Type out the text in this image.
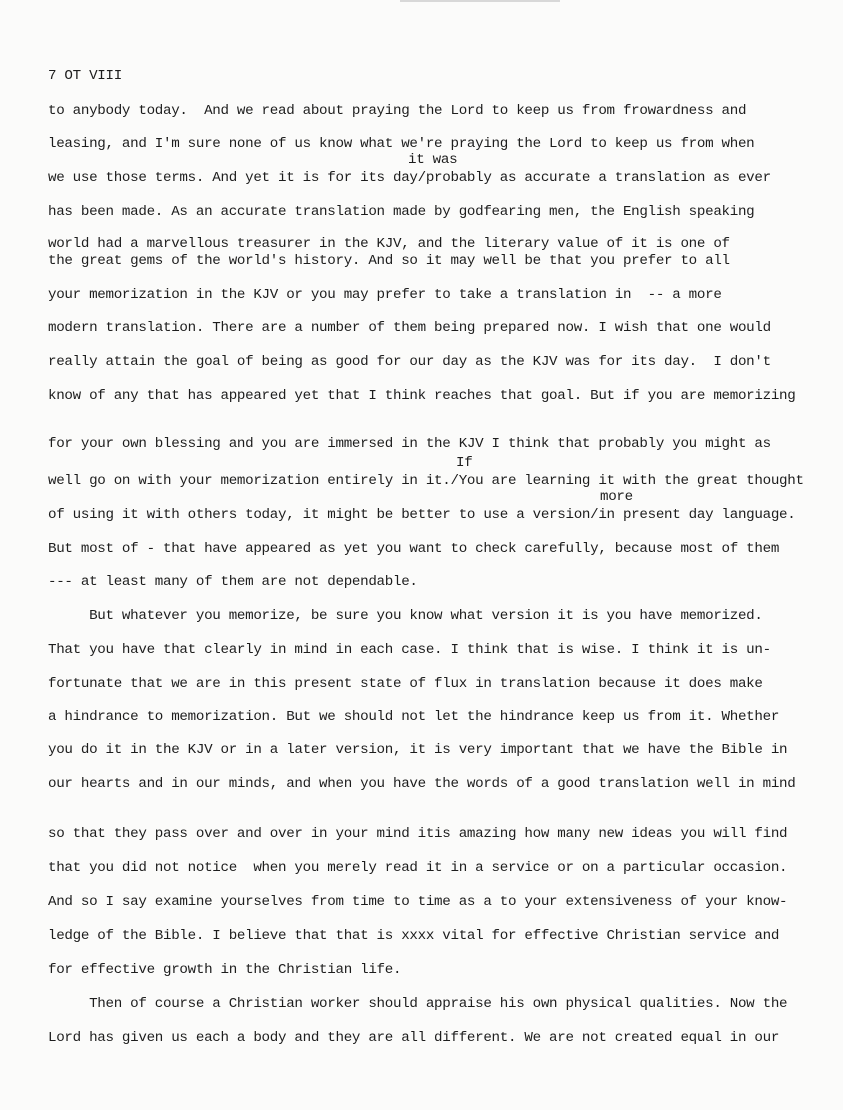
7 OT VIII
to anybody today.  And we read about praying the Lord to keep us from frowardness and
leasing, and I'm sure none of us know what we're praying the Lord to keep us from when
it was
we use those terms. And yet it is for its day/probably as accurate a translation as ever
has been made. As an accurate translation made by godfearing men, the English speaking
world had a marvellous treasurer in the KJV, and the literary value of it is one of
the great gems of the world's history. And so it may well be that you prefer to all
your memorization in the KJV or you may prefer to take a translation in  -- a more
modern translation. There are a number of them being prepared now. I wish that one would
really attain the goal of being as good for our day as the KJV was for its day.  I don't
know of any that has appeared yet that I think reaches that goal. But if you are memorizing
for your own blessing and you are immersed in the KJV I think that probably you might as
If
well go on with your memorization entirely in it./You are learning it with the great thought
more
of using it with others today, it might be better to use a version/in present day language.
But most of - that have appeared as yet you want to check carefully, because most of them
--- at least many of them are not dependable.
But whatever you memorize, be sure you know what version it is you have memorized.
That you have that clearly in mind in each case. I think that is wise. I think it is un-
fortunate that we are in this present state of flux in translation because it does make
a hindrance to memorization. But we should not let the hindrance keep us from it. Whether
you do it in the KJV or in a later version, it is very important that we have the Bible in
our hearts and in our minds, and when you have the words of a good translation well in mind
so that they pass over and over in your mind itis amazing how many new ideas you will find
that you did not notice  when you merely read it in a service or on a particular occasion.
And so I say examine yourselves from time to time as a to your extensiveness of your know-
ledge of the Bible. I believe that that is xxxx vital for effective Christian service and
for effective growth in the Christian life.
Then of course a Christian worker should appraise his own physical qualities. Now the
Lord has given us each a body and they are all different. We are not created equal in our
